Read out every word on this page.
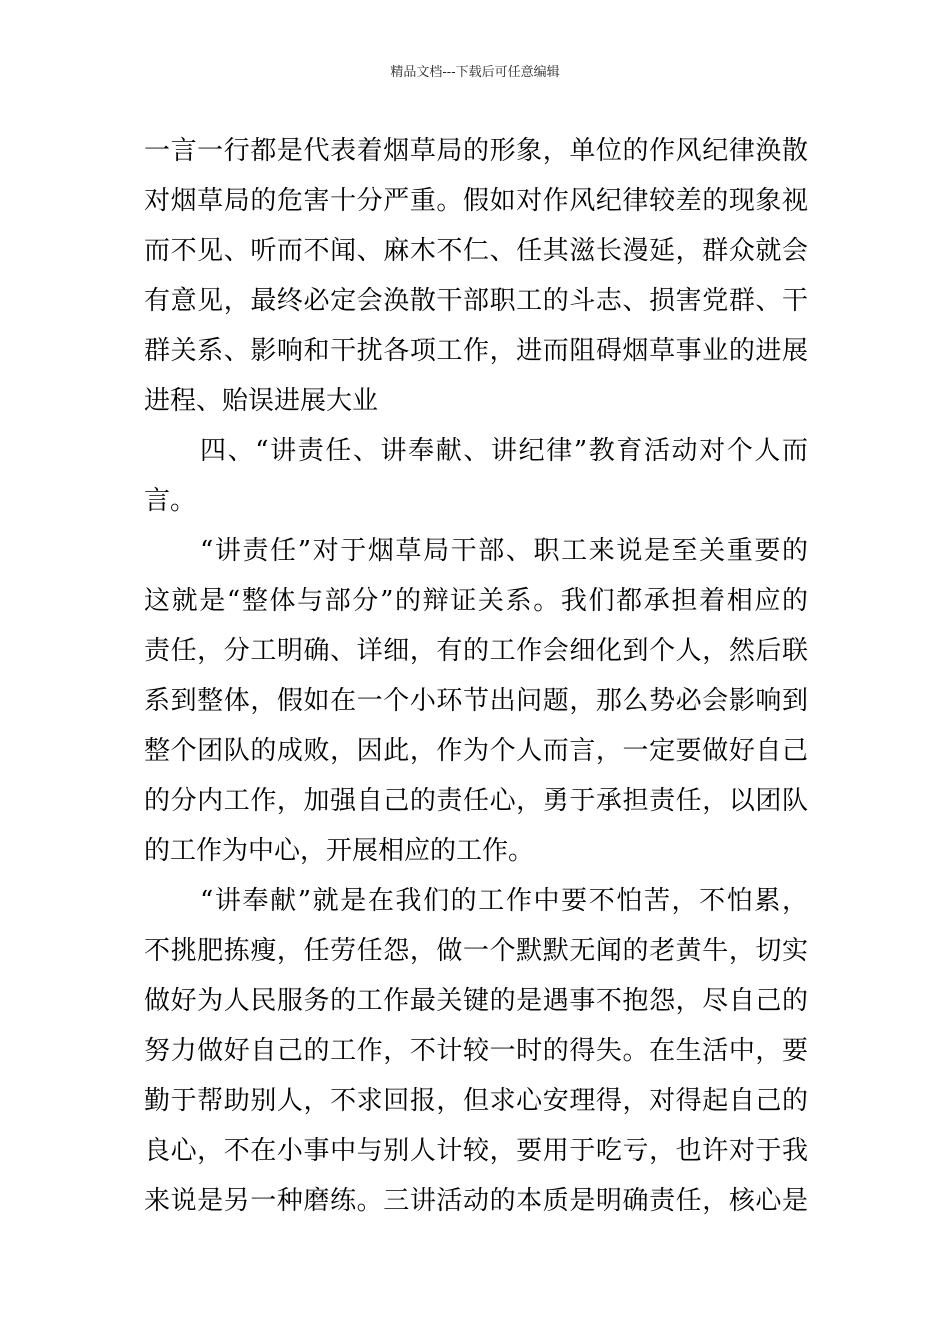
精品文档---下载后可任意编辑
一言一行都是代表着烟草局的形象，单位的作风纪律涣散
对烟草局的危害十分严重。假如对作风纪律较差的现象视
而不见、听而不闻、麻木不仁、任其滋长漫延，群众就会
有意见，最终必定会涣散干部职工的斗志、损害党群、干
群关系、影响和干扰各项工作，进而阻碍烟草事业的进展
进程、贻误进展大业
四、“讲责任、讲奉献、讲纪律”教育活动对个人而
言。
“讲责任”对于烟草局干部、职工来说是至关重要的
这就是“整体与部分”的辩证关系。我们都承担着相应的
责任，分工明确、详细，有的工作会细化到个人，然后联
系到整体，假如在一个小环节出问题，那么势必会影响到
整个团队的成败，因此，作为个人而言，一定要做好自己
的分内工作，加强自己的责任心，勇于承担责任，以团队
的工作为中心，开展相应的工作。
“讲奉献”就是在我们的工作中要不怕苦，不怕累，
不挑肥拣瘦，任劳任怨，做一个默默无闻的老黄牛，切实
做好为人民服务的工作最关键的是遇事不抱怨，尽自己的
努力做好自己的工作，不计较一时的得失。在生活中，要
勤于帮助别人，不求回报，但求心安理得，对得起自己的
良心，不在小事中与别人计较，要用于吃亏，也许对于我
来说是另一种磨练。三讲活动的本质是明确责任，核心是
